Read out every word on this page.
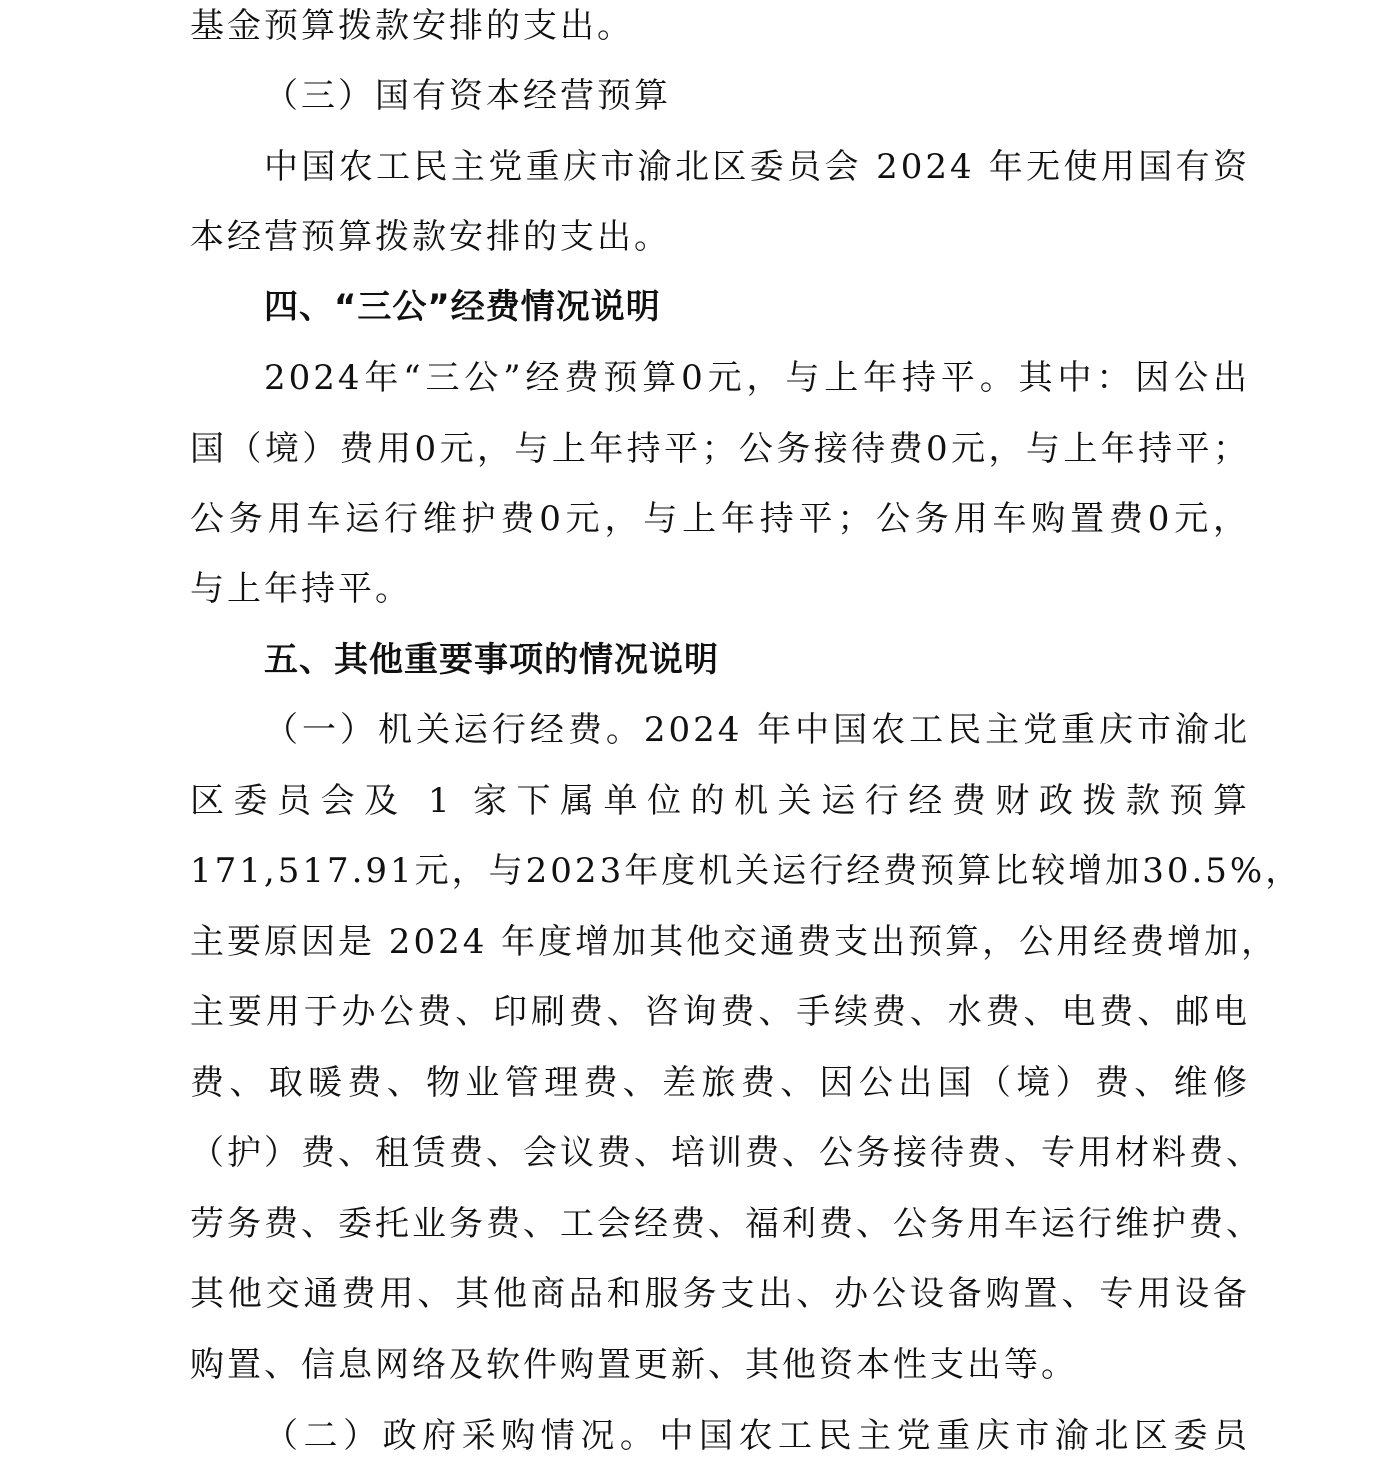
基金预算拨款安排的支出。
（三）国有资本经营预算
中国农工民主党重庆市渝北区委员会 2024 年无使用国有资
本经营预算拨款安排的支出。
四、“三公”经费情况说明
2024年“三公”经费预算0元，与上年持平。其中：因公出
国（境）费用0元，与上年持平；公务接待费0元，与上年持平；
公务用车运行维护费0元，与上年持平；公务用车购置费0元，
与上年持平。
五、其他重要事项的情况说明
（一）机关运行经费。2024 年中国农工民主党重庆市渝北
区委员会及 1 家下属单位的机关运行经费财政拨款预算
171,517.91元，与2023年度机关运行经费预算比较增加30.5%，
主要原因是 2024 年度增加其他交通费支出预算，公用经费增加，
主要用于办公费、印刷费、咨询费、手续费、水费、电费、邮电
费、取暖费、物业管理费、差旅费、因公出国（境）费、维修
（护）费、租赁费、会议费、培训费、公务接待费、专用材料费、
劳务费、委托业务费、工会经费、福利费、公务用车运行维护费、
其他交通费用、其他商品和服务支出、办公设备购置、专用设备
购置、信息网络及软件购置更新、其他资本性支出等。
（二）政府采购情况。中国农工民主党重庆市渝北区委员
